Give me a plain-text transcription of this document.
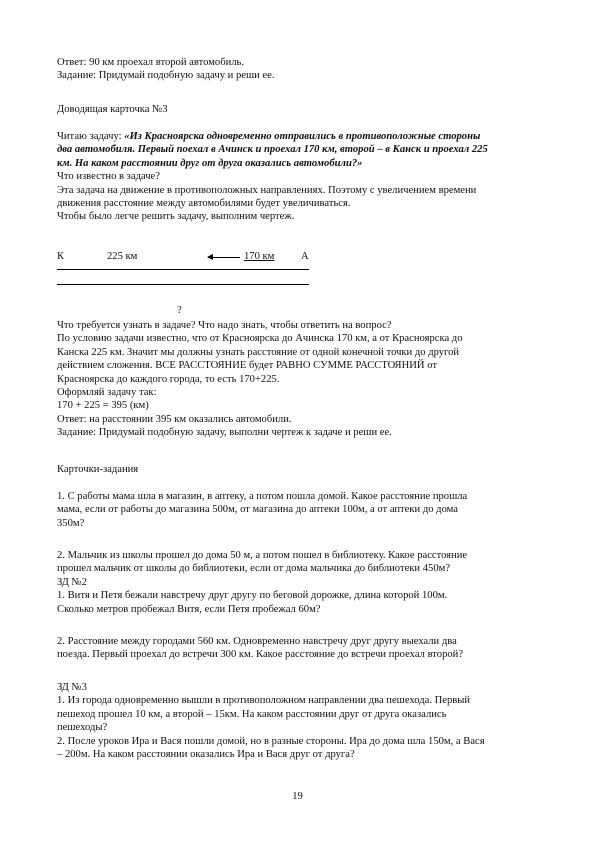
Ответ: 90 км проехал второй автомобиль.
Задание: Придумай подобную задачу и реши ее.
Доводящая карточка №3
Читаю задачу: «Из Красноярска одновременно отправились в противоположные стороны
два автомобиля. Первый поехал в Ачинск и проехал 170 км, второй – в Канск и проехал 225
км. На каком расстоянии друг от друга оказались автомобили?»
Что известно в задаче?
Эта задача на движение в противоположных направлениях. Поэтому с увеличением времени
движения расстояние между автомобилями будет увеличиваться.
Чтобы было легче решить задачу, выполним чертеж.
К	225 км	170 км	А
?
Что требуется узнать в задаче? Что надо знать, чтобы ответить на вопрос?
По условию задачи известно, что от Красноярска до Ачинска 170 км, а от Красноярска до
Канска 225 км. Значит мы должны узнать расстояние от одной конечной точки до другой
действием сложения. ВСЕ РАССТОЯНИЕ будет РАВНО СУММЕ РАССТОЯНИЙ от
Красноярска до каждого города, то есть 170+225.
Оформляй задачу так:
170 + 225 = 395 (км)
Ответ: на расстоянии 395 км оказались автомобили.
Задание: Придумай подобную задачу, выполни чертеж к задаче и реши ее.
Карточки-задания
1. С работы мама шла в магазин, в аптеку, а потом пошла домой. Какое расстояние прошла
мама, если от работы до магазина 500м, от магазина до аптеки 100м, а от аптеки до дома
350м?
2. Мальчик из школы прошел до дома 50 м, а потом пошел в библиотеку. Какое расстояние
прошел мальчик от школы до библиотеки, если от дома мальчика до библиотеки 450м?
ЗД №2
1. Витя и Петя бежали навстречу друг другу по беговой дорожке, длина которой 100м.
Сколько метров пробежал Витя, если Петя пробежал 60м?
2. Расстояние между городами 560 км. Одновременно навстречу друг другу выехали два
поезда. Первый проехал до встречи 300 км. Какое расстояние до встречи проехал второй?
ЗД №3
1. Из города одновременно вышли в противоположном направлении два пешехода. Первый
пешеход прошел 10 км, а второй – 15км. На каком расстоянии друг от друга оказались
пешеходы?
2. После уроков Ира и Вася пошли домой, но в разные стороны. Ира до дома шла 150м, а Вася
– 200м. На каком расстоянии оказались Ира и Вася друг от друга?
19
